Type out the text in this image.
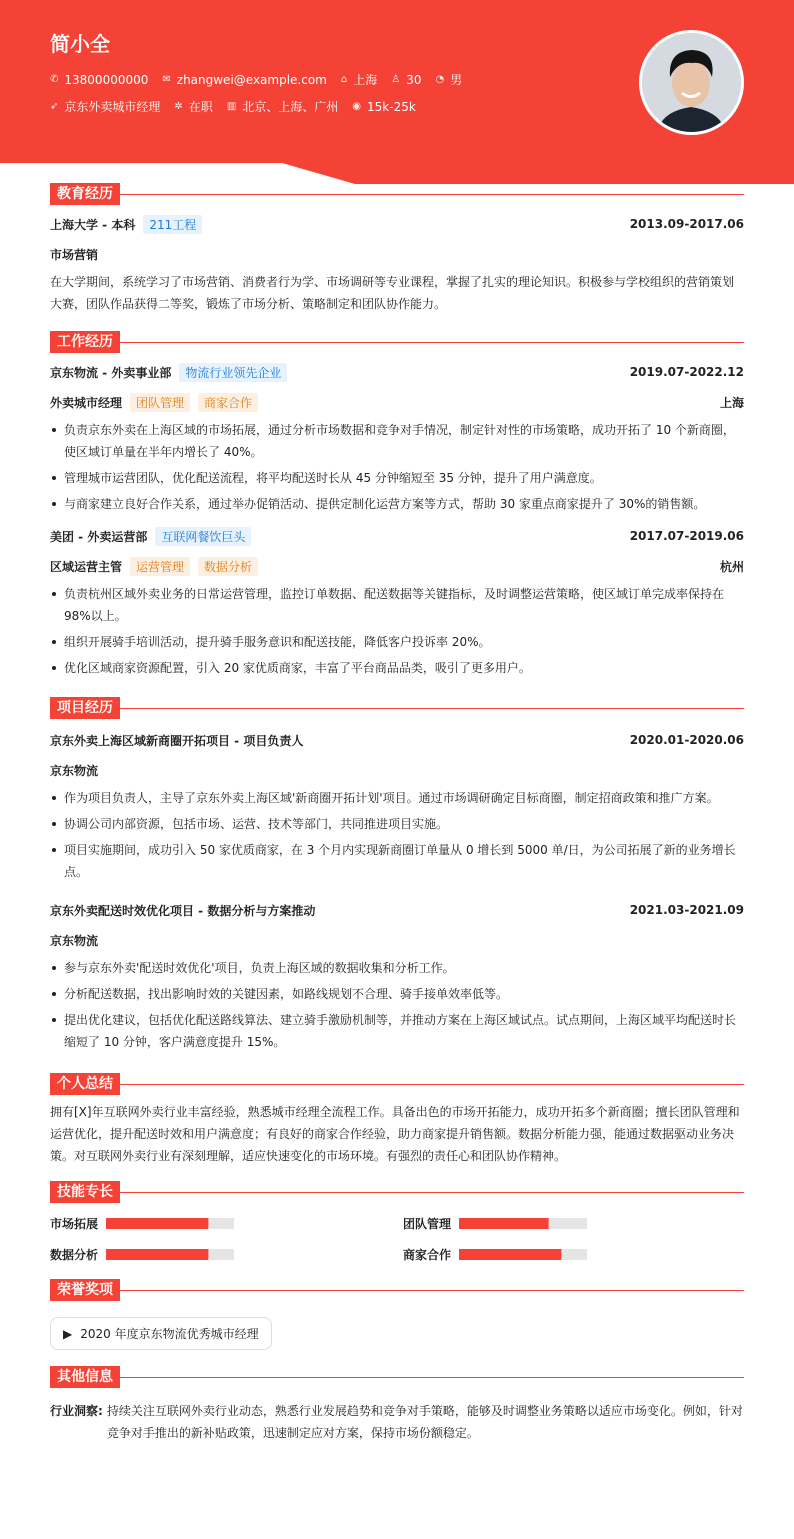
简小全
✆ 13800000000 ✉ zhangwei@example.com ⌂ 上海 ♙ 30 ◔ 男
➶ 京东外卖城市经理 ✲ 在职 ▥ 北京、上海、广州 ◉ 15k-25k
教育经历
上海大学 - 本科	211工程	2013.09-2017.06
市场营销

在大学期间，系统学习了市场营销、消费者行为学、市场调研等专业课程，掌握了扎实的理论知识。积极参与学校组织的营销策划大赛，团队作品获得二等奖，锻炼了市场分析、策略制定和团队协作能力。

工作经历
京东物流 - 外卖事业部	物流行业领先企业	2019.07-2022.12
外卖城市经理	团队管理	商家合作	上海
负责京东外卖在上海区域的市场拓展，通过分析市场数据和竞争对手情况，制定针对性的市场策略，成功开拓了 10 个新商圈，使区域订单量在半年内增长了 40%。
管理城市运营团队，优化配送流程，将平均配送时长从 45 分钟缩短至 35 分钟，提升了用户满意度。
与商家建立良好合作关系，通过举办促销活动、提供定制化运营方案等方式，帮助 30 家重点商家提升了 30%的销售额。
美团 - 外卖运营部	互联网餐饮巨头	2017.07-2019.06
区域运营主管	运营管理	数据分析	杭州
负责杭州区域外卖业务的日常运营管理，监控订单数据、配送数据等关键指标，及时调整运营策略，使区域订单完成率保持在 98%以上。
组织开展骑手培训活动，提升骑手服务意识和配送技能，降低客户投诉率 20%。
优化区域商家资源配置，引入 20 家优质商家，丰富了平台商品品类，吸引了更多用户。
项目经历
京东外卖上海区域新商圈开拓项目 - 项目负责人	2020.01-2020.06
京东物流
作为项目负责人，主导了京东外卖上海区域'新商圈开拓计划'项目。通过市场调研确定目标商圈，制定招商政策和推广方案。
协调公司内部资源，包括市场、运营、技术等部门，共同推进项目实施。
项目实施期间，成功引入 50 家优质商家，在 3 个月内实现新商圈订单量从 0 增长到 5000 单/日，为公司拓展了新的业务增长点。
京东外卖配送时效优化项目 - 数据分析与方案推动	2021.03-2021.09
京东物流
参与京东外卖'配送时效优化'项目，负责上海区域的数据收集和分析工作。
分析配送数据，找出影响时效的关键因素，如路线规划不合理、骑手接单效率低等。
提出优化建议，包括优化配送路线算法、建立骑手激励机制等，并推动方案在上海区域试点。试点期间，上海区域平均配送时长缩短了 10 分钟，客户满意度提升 15%。
个人总结

拥有[X]年互联网外卖行业丰富经验，熟悉城市经理全流程工作。具备出色的市场开拓能力，成功开拓多个新商圈；擅长团队管理和运营优化，提升配送时效和用户满意度；有良好的商家合作经验，助力商家提升销售额。数据分析能力强，能通过数据驱动业务决策。对互联网外卖行业有深刻理解，适应快速变化的市场环境。有强烈的责任心和团队协作精神。

技能专长
市场拓展	团队管理
数据分析	商家合作
荣誉奖项
▶ 2020 年度京东物流优秀城市经理
其他信息
行业洞察: 持续关注互联网外卖行业动态，熟悉行业发展趋势和竞争对手策略，能够及时调整业务策略以适应市场变化。例如，针对竞争对手推出的新补贴政策，迅速制定应对方案，保持市场份额稳定。
